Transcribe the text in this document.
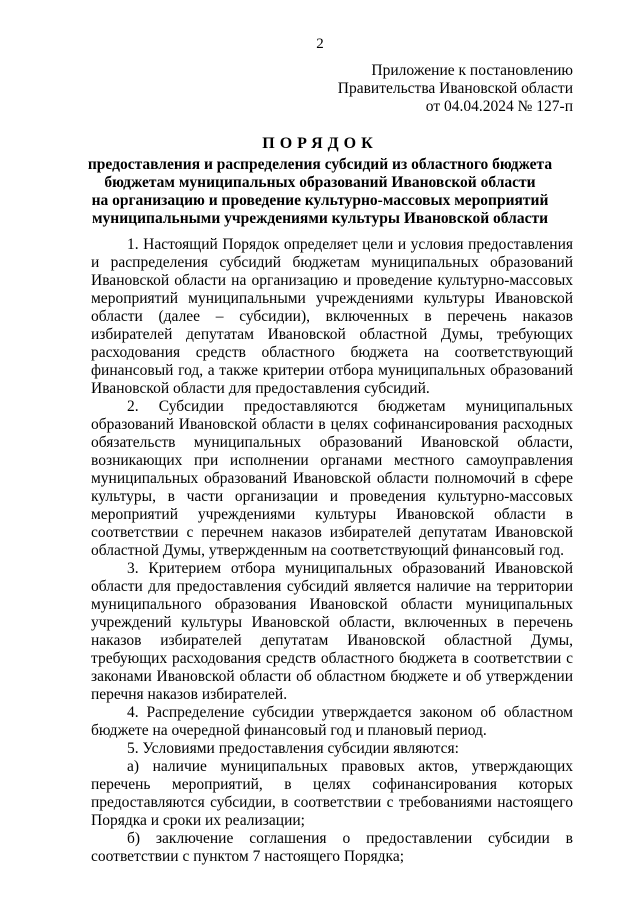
2
Приложение к постановлению
Правительства Ивановской области
от 04.04.2024 № 127-п
ПОРЯДОК
предоставления и распределения субсидий из областного бюджета
бюджетам муниципальных образований Ивановской области
на организацию и проведение культурно-массовых мероприятий
муниципальными учреждениями культуры Ивановской области

1. Настоящий Порядок определяет цели и условия предоставления и распределения субсидий бюджетам муниципальных образований Ивановской области на организацию и проведение культурно-массовых мероприятий муниципальными учреждениями культуры Ивановской области (далее – субсидии), включенных в перечень наказов избирателей депутатам Ивановской областной Думы, требующих расходования средств областного бюджета на соответствующий финансовый год, а также критерии отбора муниципальных образований Ивановской области для предоставления субсидий.

2. Субсидии предоставляются бюджетам муниципальных образований Ивановской области в целях софинансирования расходных обязательств муниципальных образований Ивановской области, возникающих при исполнении органами местного самоуправления муниципальных образований Ивановской области полномочий в сфере культуры, в части организации и проведения культурно-массовых мероприятий учреждениями культуры Ивановской области в соответствии с перечнем наказов избирателей депутатам Ивановской областной Думы, утвержденным на соответствующий финансовый год.

3. Критерием отбора муниципальных образований Ивановской области для предоставления субсидий является наличие на территории муниципального образования Ивановской области муниципальных учреждений культуры Ивановской области, включенных в перечень наказов избирателей депутатам Ивановской областной Думы, требующих расходования средств областного бюджета в соответствии с законами Ивановской области об областном бюджете и об утверждении перечня наказов избирателей.

4. Распределение субсидии утверждается законом об областном бюджете на очередной финансовый год и плановый период.

5. Условиями предоставления субсидии являются:

а) наличие муниципальных правовых актов, утверждающих перечень мероприятий, в целях софинансирования которых предоставляются субсидии, в соответствии с требованиями настоящего Порядка и сроки их реализации;

б) заключение соглашения о предоставлении субсидии в соответствии с пунктом 7 настоящего Порядка;
